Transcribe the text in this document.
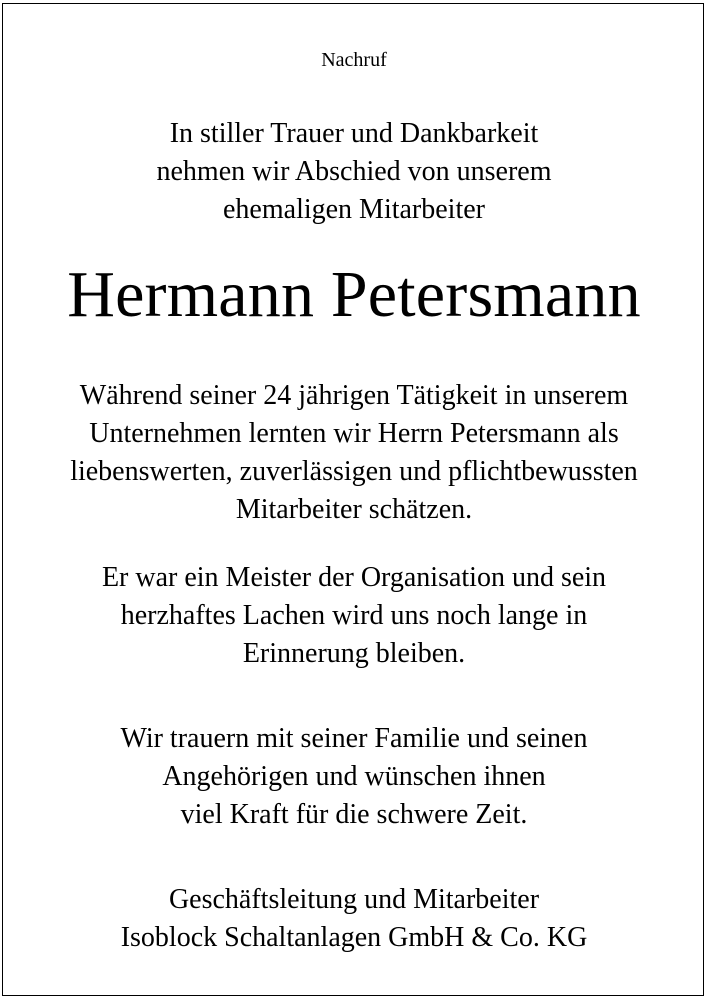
Nachruf
In stiller Trauer und Dankbarkeit
nehmen wir Abschied von unserem
ehemaligen Mitarbeiter
Hermann Petersmann
Während seiner 24 jährigen Tätigkeit in unserem
Unternehmen lernten wir Herrn Petersmann als
liebenswerten, zuverlässigen und pflichtbewussten
Mitarbeiter schätzen.
Er war ein Meister der Organisation und sein
herzhaftes Lachen wird uns noch lange in
Erinnerung bleiben.
Wir trauern mit seiner Familie und seinen
Angehörigen und wünschen ihnen
viel Kraft für die schwere Zeit.
Geschäftsleitung und Mitarbeiter
Isoblock Schaltanlagen GmbH & Co. KG
